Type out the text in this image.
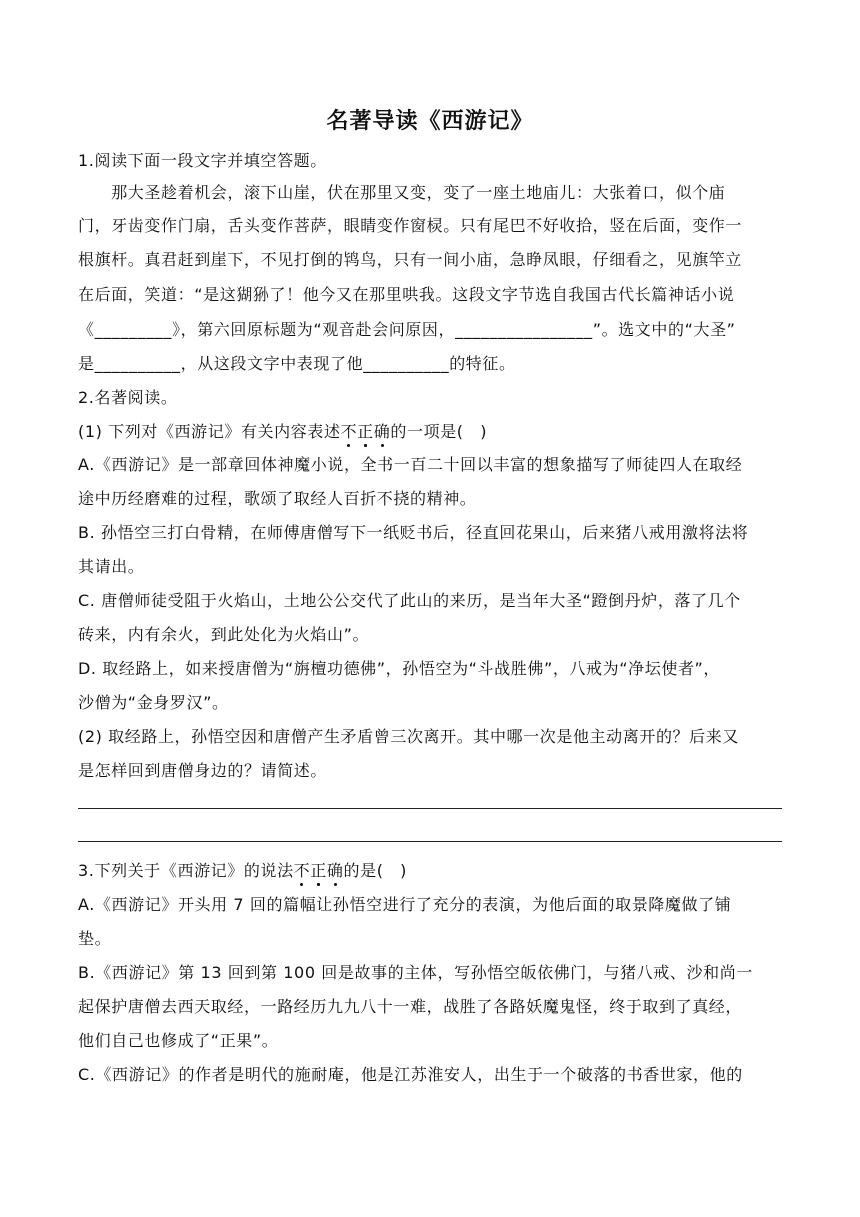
名著导读《西游记》
1.阅读下面一段文字并填空答题。
　　那大圣趁着机会，滚下山崖，伏在那里又变，变了一座土地庙儿：大张着口，似个庙
门，牙齿变作门扇，舌头变作菩萨，眼睛变作窗棂。只有尾巴不好收拾，竖在后面，变作一
根旗杆。真君赶到崖下，不见打倒的鸨鸟，只有一间小庙，急睁凤眼，仔细看之，见旗竿立
在后面，笑道：“是这猢狲了！他今又在那里哄我。这段文字节选自我国古代长篇神话小说
《_________》，第六回原标题为“观音赴会问原因，________________”。选文中的“大圣”
是__________，从这段文字中表现了他__________的特征。
2.名著阅读。
(1) 下列对《西游记》有关内容表述不正确的一项是(　)
A.《西游记》是一部章回体神魔小说，全书一百二十回以丰富的想象描写了师徒四人在取经
途中历经磨难的过程，歌颂了取经人百折不挠的精神。
B. 孙悟空三打白骨精，在师傅唐僧写下一纸贬书后，径直回花果山，后来猪八戒用激将法将
其请出。
C. 唐僧师徒受阻于火焰山，土地公公交代了此山的来历，是当年大圣“蹬倒丹炉，落了几个
砖来，内有余火，到此处化为火焰山”。
D. 取经路上，如来授唐僧为“旃檀功德佛”，孙悟空为“斗战胜佛”，八戒为“净坛使者”，
沙僧为“金身罗汉”。
(2) 取经路上，孙悟空因和唐僧产生矛盾曾三次离开。其中哪一次是他主动离开的？后来又
是怎样回到唐僧身边的？请简述。
3.下列关于《西游记》的说法不正确的是(　)
A.《西游记》开头用 7 回的篇幅让孙悟空进行了充分的表演，为他后面的取景降魔做了铺
垫。
B.《西游记》第 13 回到第 100 回是故事的主体，写孙悟空皈依佛门，与猪八戒、沙和尚一
起保护唐僧去西天取经，一路经历九九八十一难，战胜了各路妖魔鬼怪，终于取到了真经，
他们自己也修成了“正果”。
C.《西游记》的作者是明代的施耐庵，他是江苏淮安人，出生于一个破落的书香世家，他的
